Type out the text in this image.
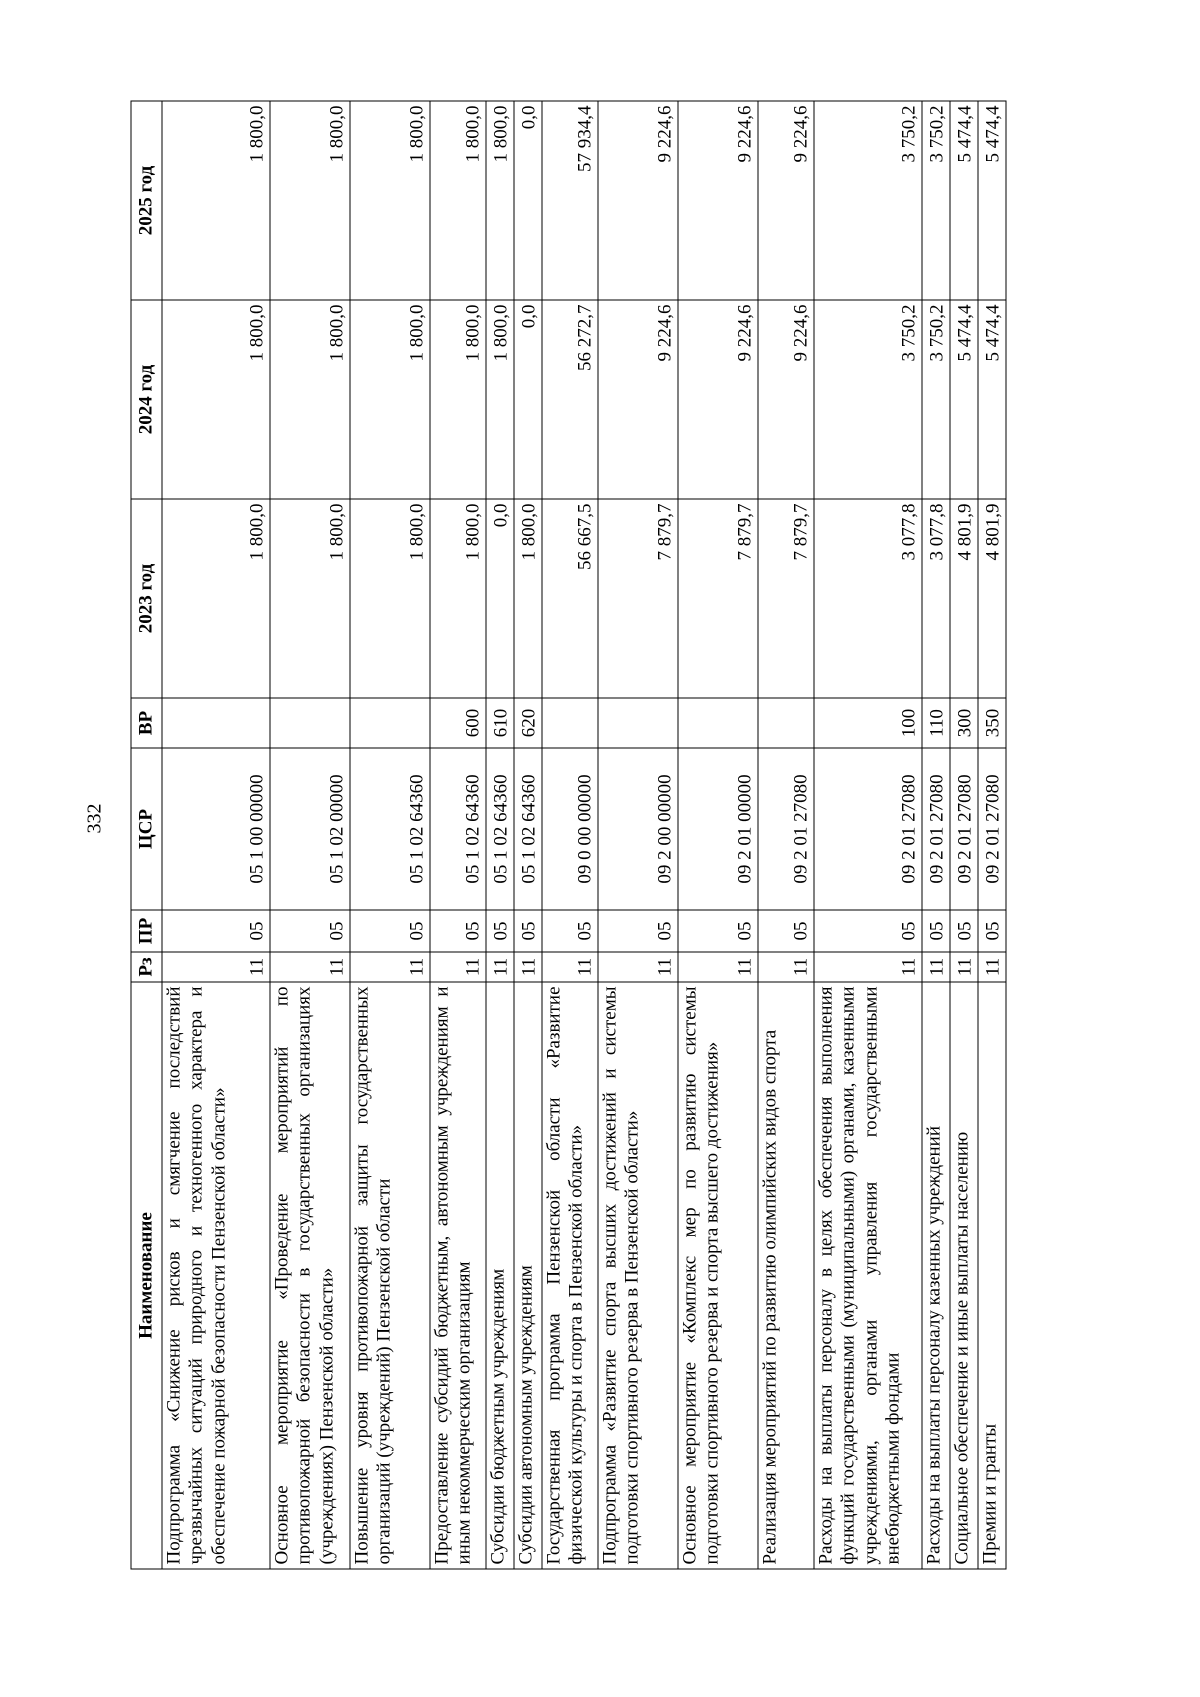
332
Наименование	Рз	ПР	ЦСР	ВР	2023 год	2024 год	2025 год
Подпрограмма «Снижение рисков и смягчение последствий чрезвычайных ситуаций природного и техногенного характера и обеспечение пожарной безопасности Пензенской области»	11	05	05 1 00 00000		1 800,0	1 800,0	1 800,0
Основное мероприятие «Проведение мероприятий по противопожарной безопасности в государственных организациях (учреждениях) Пензенской области»	11	05	05 1 02 00000		1 800,0	1 800,0	1 800,0
Повышение уровня противопожарной защиты государственных организаций (учреждений) Пензенской области	11	05	05 1 02 64360		1 800,0	1 800,0	1 800,0
Предоставление субсидий бюджетным, автономным учреждениям и иным некоммерческим организациям	11	05	05 1 02 64360	600	1 800,0	1 800,0	1 800,0
Субсидии бюджетным учреждениям	11	05	05 1 02 64360	610	0,0	1 800,0	1 800,0
Субсидии автономным учреждениям	11	05	05 1 02 64360	620	1 800,0	0,0	0,0
Государственная программа Пензенской области «Развитие физической культуры и спорта в Пензенской области»	11	05	09 0 00 00000		56 667,5	56 272,7	57 934,4
Подпрограмма «Развитие спорта высших достижений и системы подготовки спортивного резерва в Пензенской области»	11	05	09 2 00 00000		7 879,7	9 224,6	9 224,6
Основное мероприятие «Комплекс мер по развитию системы подготовки спортивного резерва и спорта высшего достижения»	11	05	09 2 01 00000		7 879,7	9 224,6	9 224,6
Реализация мероприятий по развитию олимпийских видов спорта	11	05	09 2 01 27080		7 879,7	9 224,6	9 224,6
Расходы на выплаты персоналу в целях обеспечения выполнения функций государственными (муниципальными) органами, казенными учреждениями, органами управления государственными внебюджетными фондами	11	05	09 2 01 27080	100	3 077,8	3 750,2	3 750,2
Расходы на выплаты персоналу казенных учреждений	11	05	09 2 01 27080	110	3 077,8	3 750,2	3 750,2
Социальное обеспечение и иные выплаты населению	11	05	09 2 01 27080	300	4 801,9	5 474,4	5 474,4
Премии и гранты	11	05	09 2 01 27080	350	4 801,9	5 474,4	5 474,4
